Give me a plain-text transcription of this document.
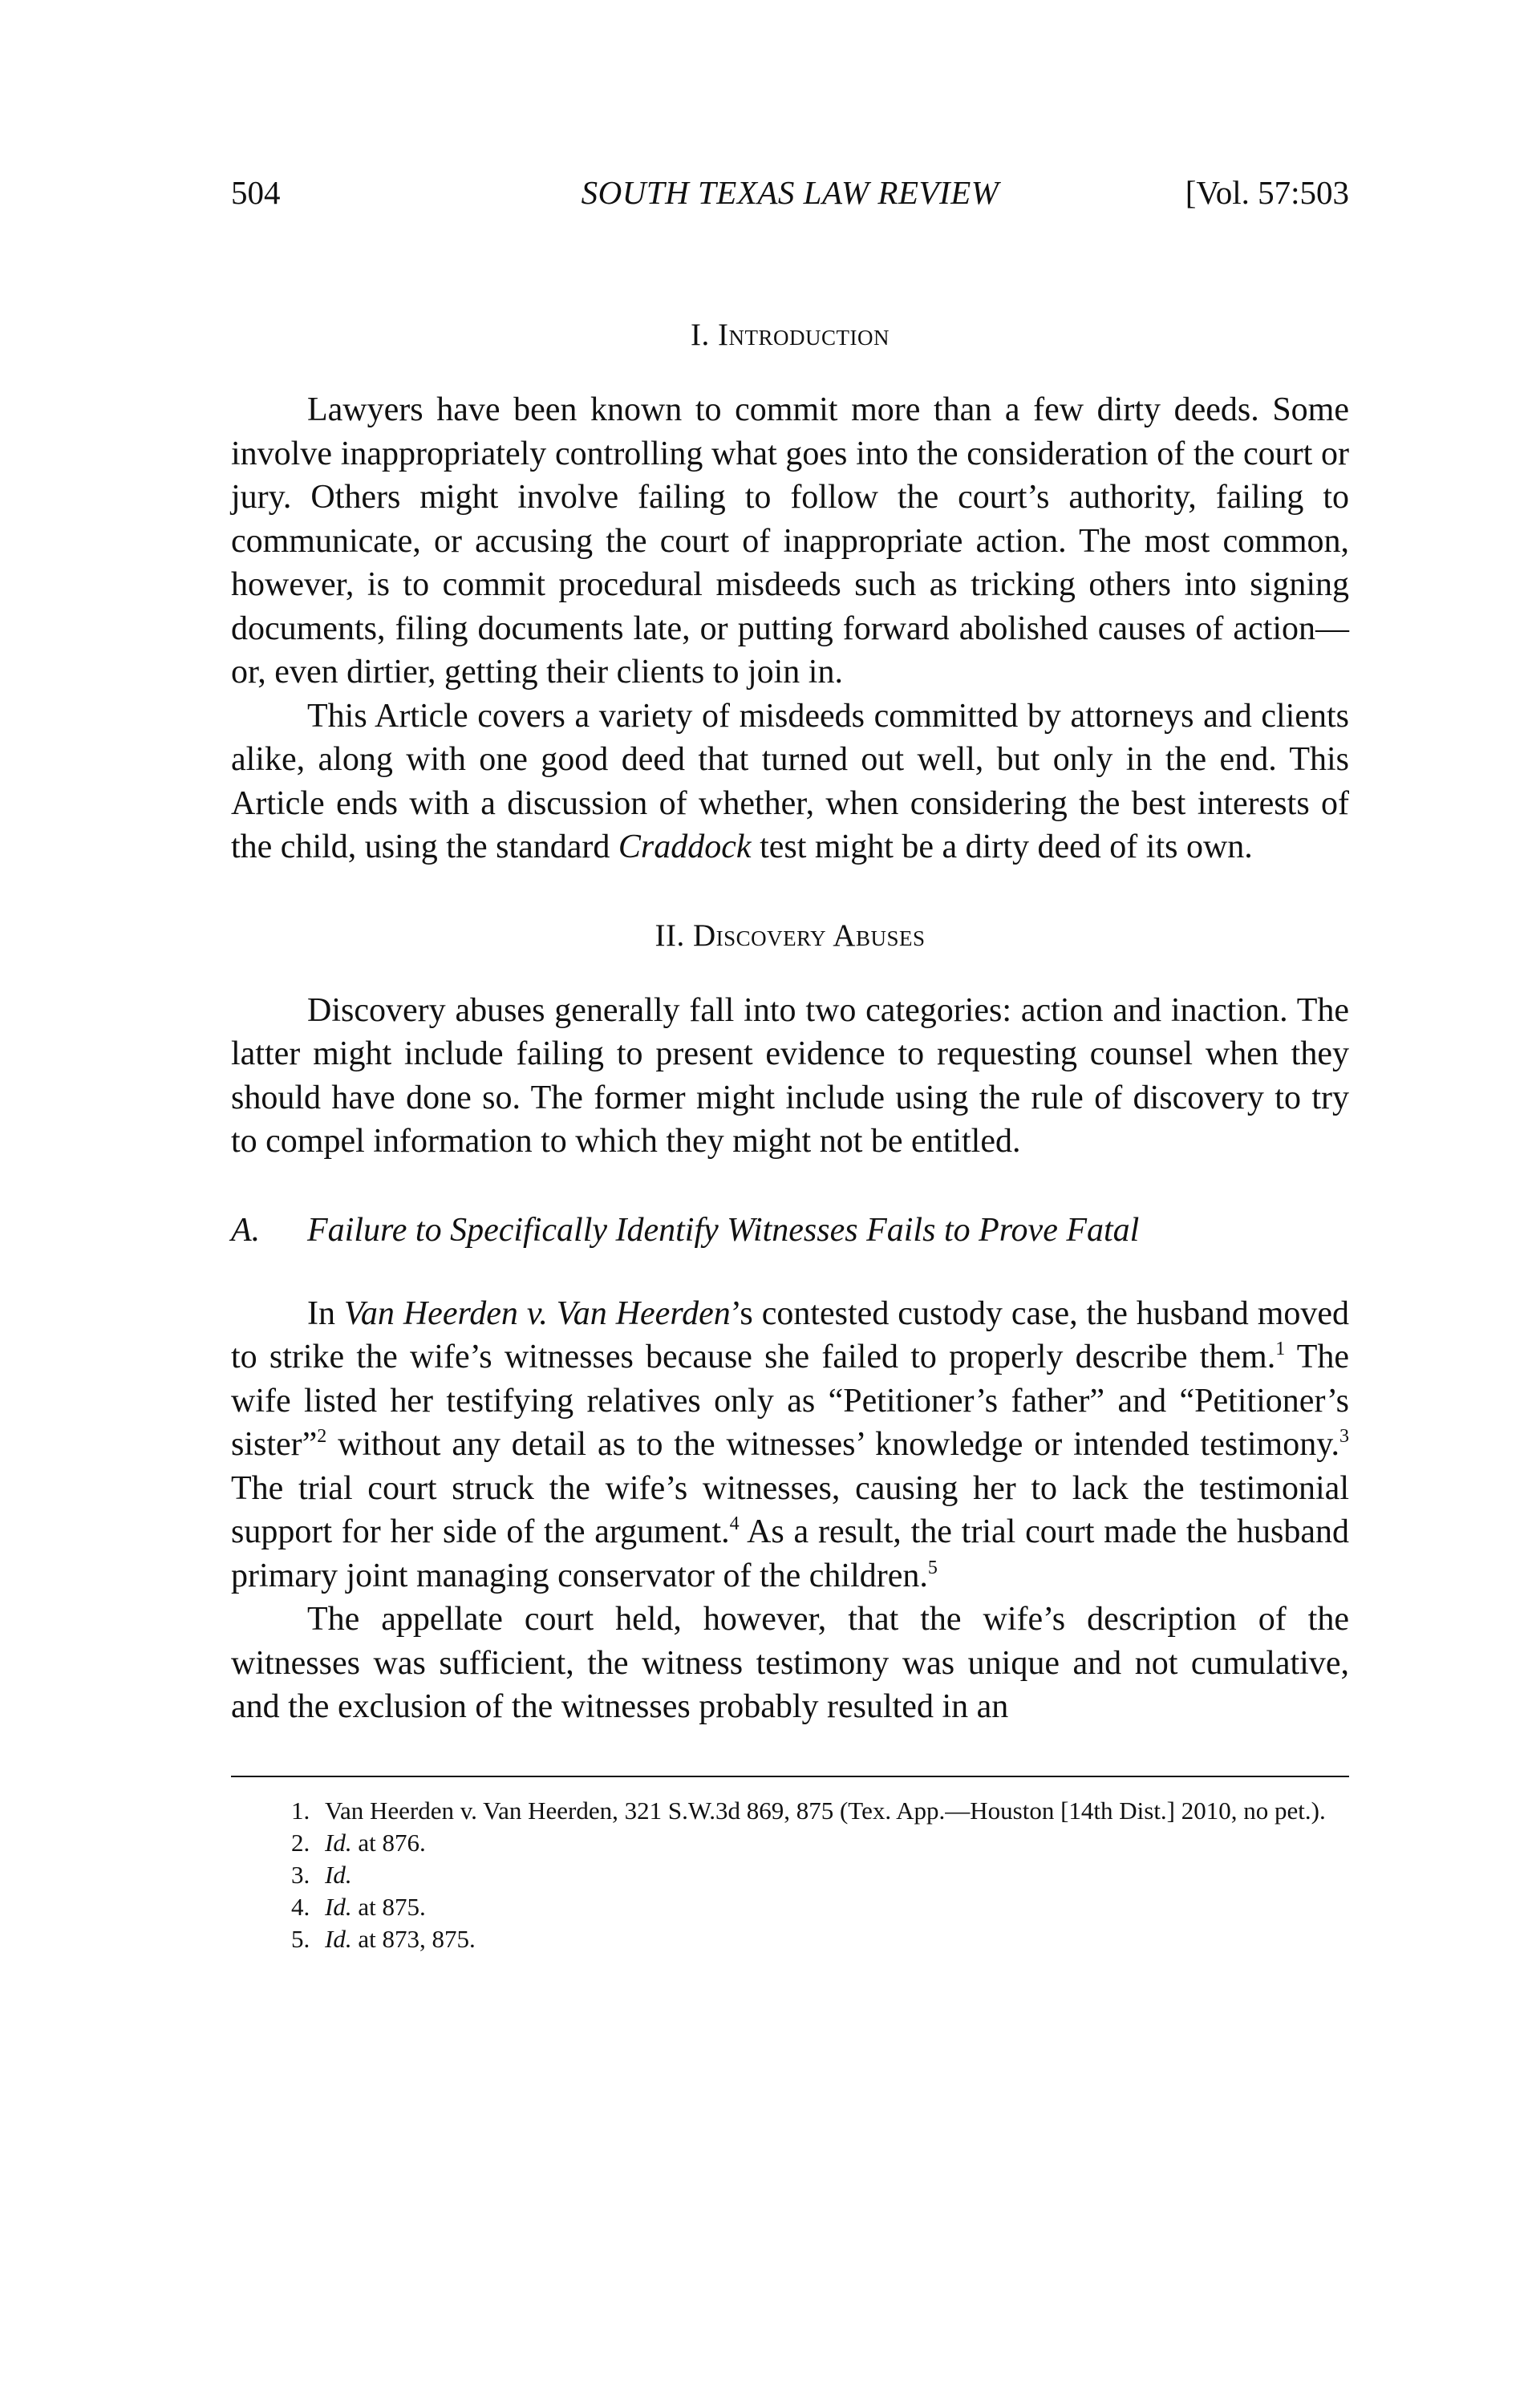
504	SOUTH TEXAS LAW REVIEW	[Vol. 57:503
I. Introduction

Lawyers have been known to commit more than a few dirty deeds. Some involve inappropriately controlling what goes into the consideration of the court or jury. Others might involve failing to follow the court’s authority, failing to communicate, or accusing the court of inappropriate action. The most common, however, is to commit procedural misdeeds such as tricking others into signing documents, filing documents late, or putting forward abolished causes of action—or, even dirtier, getting their clients to join in.

This Article covers a variety of misdeeds committed by attorneys and clients alike, along with one good deed that turned out well, but only in the end. This Article ends with a discussion of whether, when considering the best interests of the child, using the standard Craddock test might be a dirty deed of its own.

II. Discovery Abuses

Discovery abuses generally fall into two categories: action and inaction. The latter might include failing to present evidence to requesting counsel when they should have done so. The former might include using the rule of discovery to try to compel information to which they might not be entitled.

A. Failure to Specifically Identify Witnesses Fails to Prove Fatal

In Van Heerden v. Van Heerden’s contested custody case, the husband moved to strike the wife’s witnesses because she failed to properly describe them.$^1$ The wife listed her testifying relatives only as “Petitioner’s father” and “Petitioner’s sister”$^2$ without any detail as to the witnesses’ knowledge or intended testimony.$^3$ The trial court struck the wife’s witnesses, causing her to lack the testimonial support for her side of the argument.$^4$ As a result, the trial court made the husband primary joint managing conservator of the children.$^5$

The appellate court held, however, that the wife’s description of the witnesses was sufficient, the witness testimony was unique and not cumulative, and the exclusion of the witnesses probably resulted in an

1. Van Heerden v. Van Heerden, 321 S.W.3d 869, 875 (Tex. App.—Houston [14th Dist.] 2010, no pet.).

2. Id. at 876.

3. Id.

4. Id. at 875.

5. Id. at 873, 875.
